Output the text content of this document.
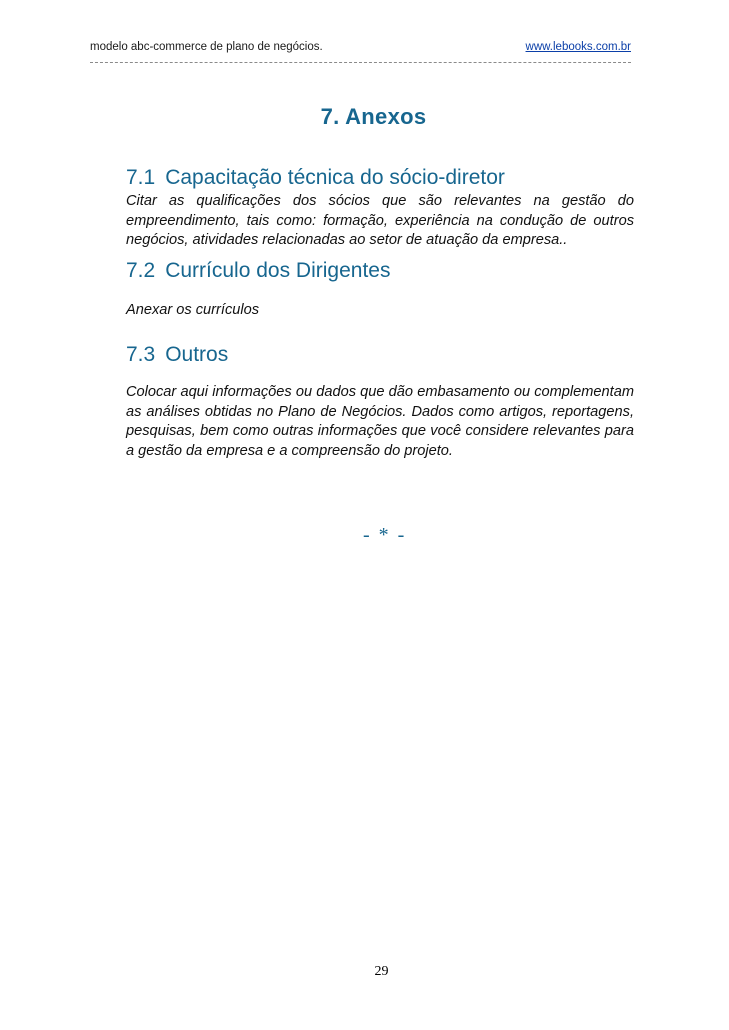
modelo abc-commerce de plano de negócios.	www.lebooks.com.br
7. Anexos
7.1 Capacitação técnica do sócio-diretor
Citar as qualificações dos sócios que são relevantes na gestão do empreendimento, tais como: formação, experiência na condução de outros negócios, atividades relacionadas ao setor de atuação da empresa..
7.2 Currículo dos Dirigentes
Anexar os currículos
7.3 Outros
Colocar aqui informações ou dados que dão embasamento ou complementam as análises obtidas no Plano de Negócios. Dados como artigos, reportagens, pesquisas, bem como outras informações que você considere relevantes para a gestão da empresa e a compreensão do projeto.
- * -
29
